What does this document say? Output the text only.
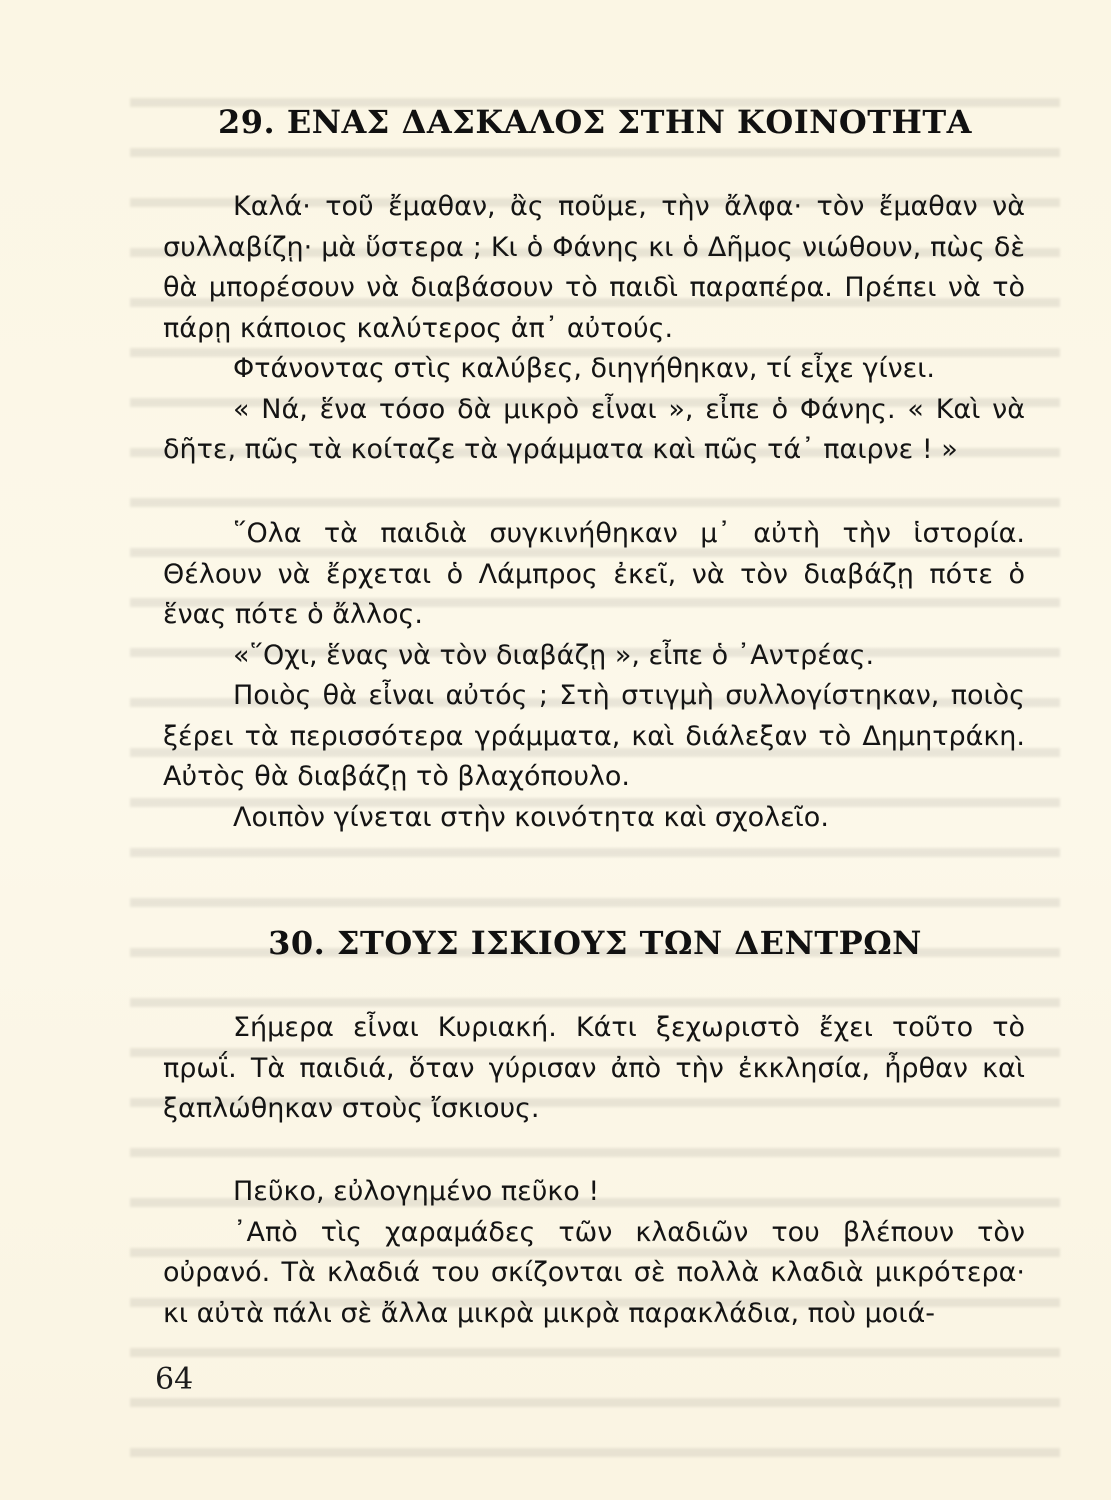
29. ΕΝΑΣ ΔΑΣΚΑΛΟΣ ΣΤΗΝ ΚΟΙΝΟΤΗΤΑ

Καλά· τοῦ ἔμαθαν, ἂς ποῦμε, τὴν ἄλφα· τὸν ἔμαθαν νὰ συλλαβίζῃ· μὰ ὕστερα ; Κι ὁ Φάνης κι ὁ Δῆμος νιώθουν, πὼς δὲ θὰ μπορέσουν νὰ διαβάσουν τὸ παιδὶ παραπέρα. Πρέπει νὰ τὸ πάρῃ κάποιος καλύτερος ἀπ᾿ αὐτούς.

Φτάνοντας στὶς καλύβες, διηγήθηκαν, τί εἶχε γίνει.

« Νά, ἕνα τόσο δὰ μικρὸ εἶναι », εἶπε ὁ Φάνης. « Καὶ νὰ δῆτε, πῶς τὰ κοίταζε τὰ γράμματα καὶ πῶς τά᾿ παιρνε ! »

῞Ολα τὰ παιδιὰ συγκινήθηκαν μ᾿ αὐτὴ τὴν ἱστορία. Θέλουν νὰ ἔρχεται ὁ Λάμπρος ἐκεῖ, νὰ τὸν διαβάζῃ πότε ὁ ἕνας πότε ὁ ἄλλος.

«῞Οχι, ἕνας νὰ τὸν διαβάζῃ », εἶπε ὁ ᾿Αντρέας.

Ποιὸς θὰ εἶναι αὐτός ; Στὴ στιγμὴ συλλογίστηκαν, ποιὸς ξέρει τὰ περισσότερα γράμματα, καὶ διάλεξαν τὸ Δημητράκη. Αὐτὸς θὰ διαβάζῃ τὸ βλαχόπουλο.

Λοιπὸν γίνεται στὴν κοινότητα καὶ σχολεῖο.

30. ΣΤΟΥΣ ΙΣΚΙΟΥΣ ΤΩΝ ΔΕΝΤΡΩΝ

Σήμερα εἶναι Κυριακή. Κάτι ξεχωριστὸ ἔχει τοῦτο τὸ πρωΐ. Τὰ παιδιά, ὅταν γύρισαν ἀπὸ τὴν ἐκκλησία, ἦρθαν καὶ ξαπλώθηκαν στοὺς ἴσκιους.

Πεῦκο, εὐλογημένο πεῦκο !

᾿Απὸ τὶς χαραμάδες τῶν κλαδιῶν του βλέπουν τὸν οὐρανό. Τὰ κλαδιά του σκίζονται σὲ πολλὰ κλαδιὰ μικρότερα· κι αὐτὰ πάλι σὲ ἄλλα μικρὰ μικρὰ παρακλάδια, ποὺ μοιά-

64
